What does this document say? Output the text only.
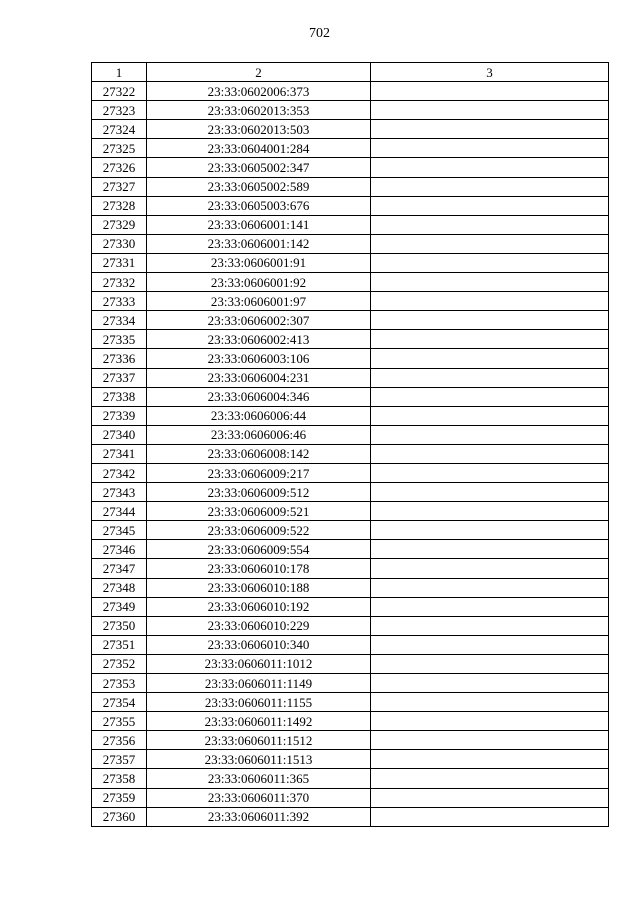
702
1	2	3
27322	23:33:0602006:373	
27323	23:33:0602013:353	
27324	23:33:0602013:503	
27325	23:33:0604001:284	
27326	23:33:0605002:347	
27327	23:33:0605002:589	
27328	23:33:0605003:676	
27329	23:33:0606001:141	
27330	23:33:0606001:142	
27331	23:33:0606001:91	
27332	23:33:0606001:92	
27333	23:33:0606001:97	
27334	23:33:0606002:307	
27335	23:33:0606002:413	
27336	23:33:0606003:106	
27337	23:33:0606004:231	
27338	23:33:0606004:346	
27339	23:33:0606006:44	
27340	23:33:0606006:46	
27341	23:33:0606008:142	
27342	23:33:0606009:217	
27343	23:33:0606009:512	
27344	23:33:0606009:521	
27345	23:33:0606009:522	
27346	23:33:0606009:554	
27347	23:33:0606010:178	
27348	23:33:0606010:188	
27349	23:33:0606010:192	
27350	23:33:0606010:229	
27351	23:33:0606010:340	
27352	23:33:0606011:1012	
27353	23:33:0606011:1149	
27354	23:33:0606011:1155	
27355	23:33:0606011:1492	
27356	23:33:0606011:1512	
27357	23:33:0606011:1513	
27358	23:33:0606011:365	
27359	23:33:0606011:370	
27360	23:33:0606011:392	
